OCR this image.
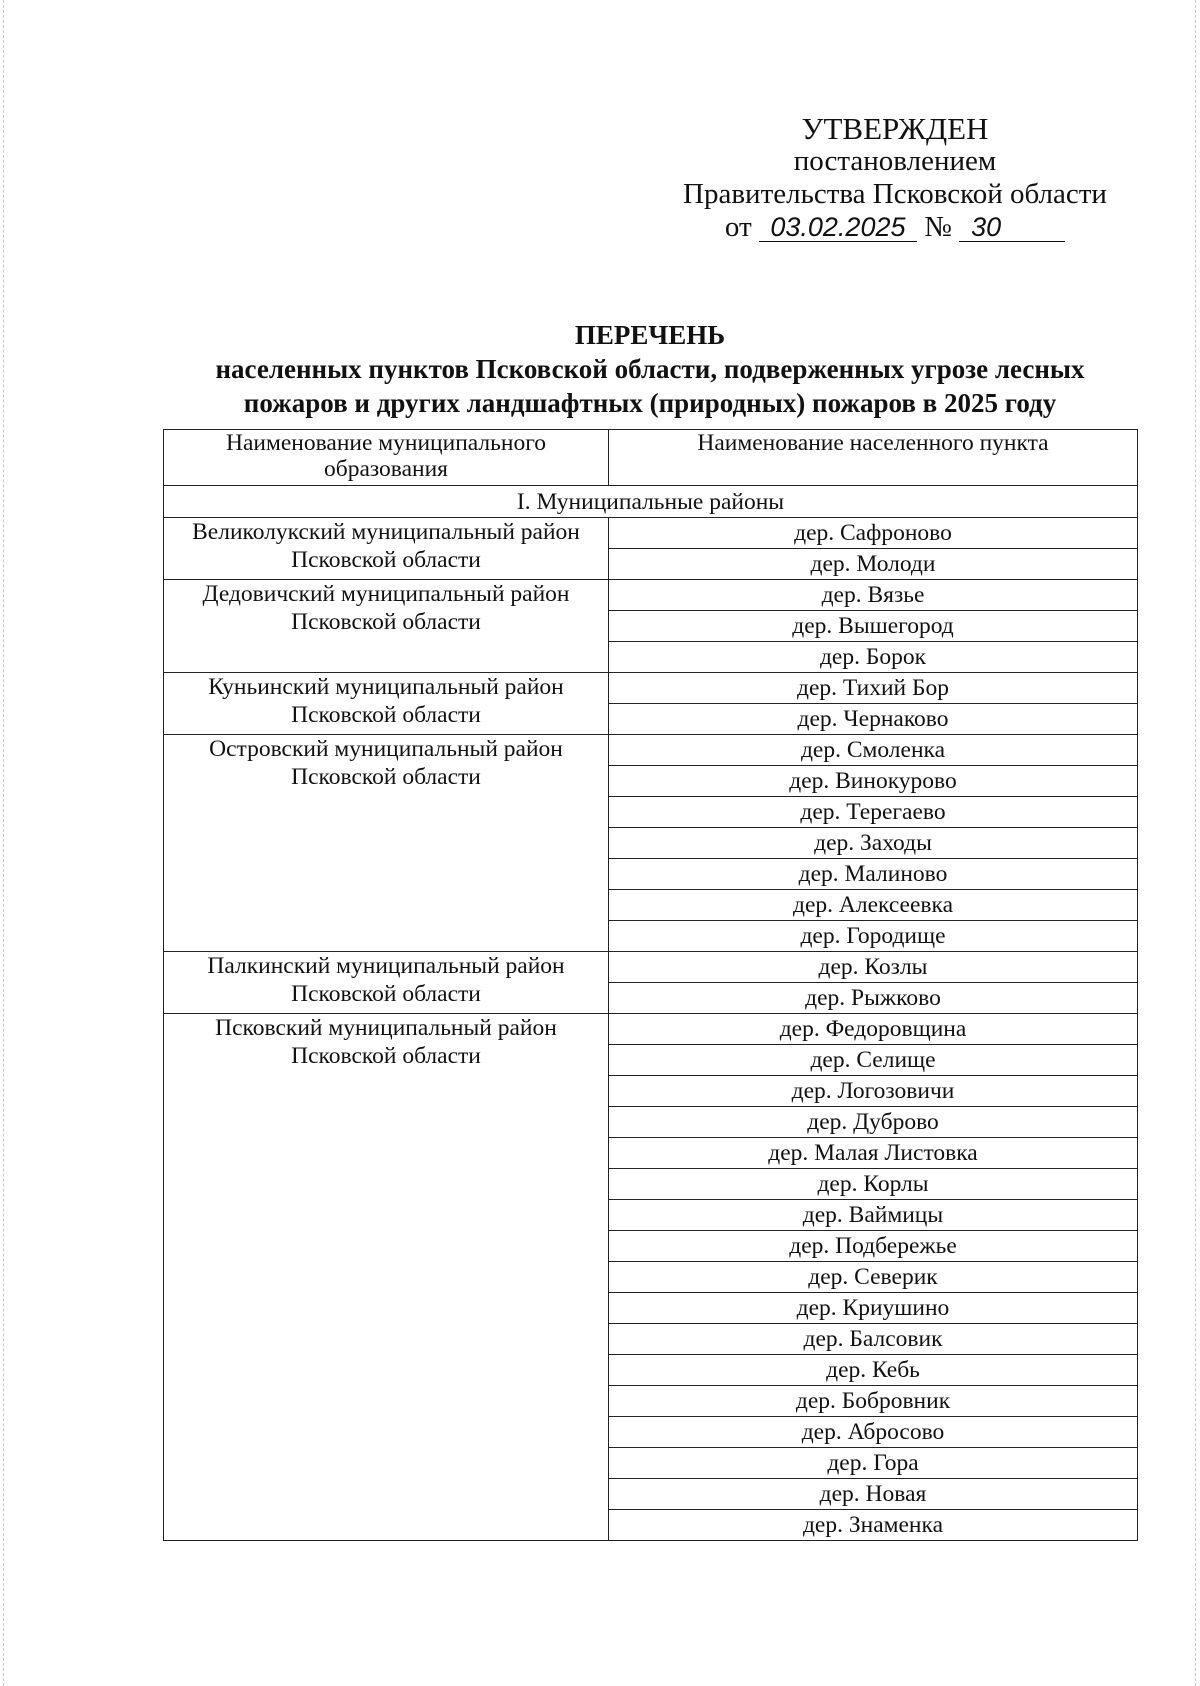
УТВЕРЖДЕН
постановлением
Правительства Псковской области
от 03.02.2025 № 30
ПЕРЕЧЕНЬ
населенных пунктов Псковской области, подверженных угрозе лесных
пожаров и других ландшафтных (природных) пожаров в 2025 году
Наименование муниципального образования	Наименование населенного пункта
I. Муниципальные районы	
Великолукский муниципальный район Псковской области	дер. Сафроново
	дер. Молоди
Дедовичский муниципальный район Псковской области	дер. Вязье
	дер. Вышегород
	дер. Борок
Куньинский муниципальный район Псковской области	дер. Тихий Бор
	дер. Чернаково
Островский муниципальный район Псковской области	дер. Смоленка
	дер. Винокурово
	дер. Терегаево
	дер. Заходы
	дер. Малиново
	дер. Алексеевка
	дер. Городище
Палкинский муниципальный район Псковской области	дер. Козлы
	дер. Рыжково
Псковский муниципальный район Псковской области	дер. Федоровщина
	дер. Селище
	дер. Логозовичи
	дер. Дуброво
	дер. Малая Листовка
	дер. Корлы
	дер. Ваймицы
	дер. Подбережье
	дер. Северик
	дер. Криушино
	дер. Балсовик
	дер. Кебь
	дер. Бобровник
	дер. Абросово
	дер. Гора
	дер. Новая
	дер. Знаменка
